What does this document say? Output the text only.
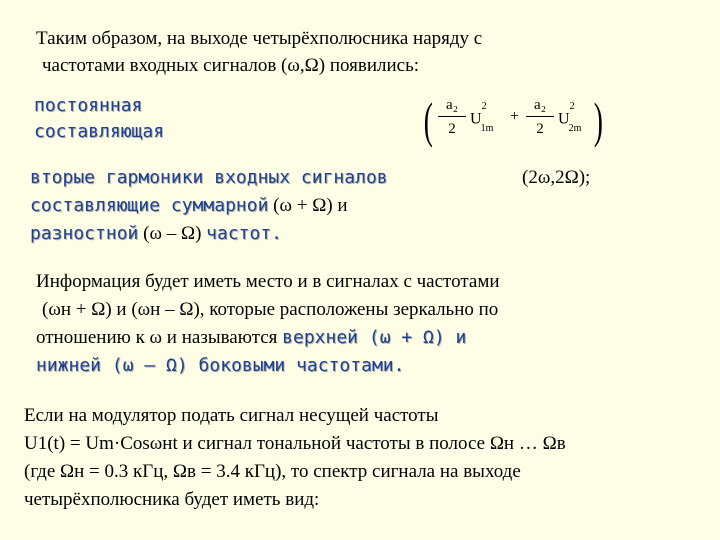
Таким образом, на выходе четырёхполюсника наряду с
частотами входных сигналов (ω,Ω) появились:
постоянная
составляющая	( a₂
2
$U^2_{1m}$
+
a₂
2
$U^2_{2m}$ )
вторые гармоники входных сигналов	(2ω,2Ω);
составляющие суммарной (ω + Ω) и
разностной (ω – Ω) частот.
Информация будет иметь место и в сигналах с частотами
(ωн + Ω) и (ωн – Ω), которые расположены зеркально по
отношению к ω и называются верхней (ω + Ω) и
нижней (ω – Ω) боковыми частотами.
Если на модулятор подать сигнал несущей частоты
U1(t) = Um·Cosωнt и сигнал тональной частоты в полосе Ωн … Ωв
(где Ωн = 0.3 кГц, Ωв = 3.4 кГц), то спектр сигнала на выходе
четырёхполюсника будет иметь вид:
